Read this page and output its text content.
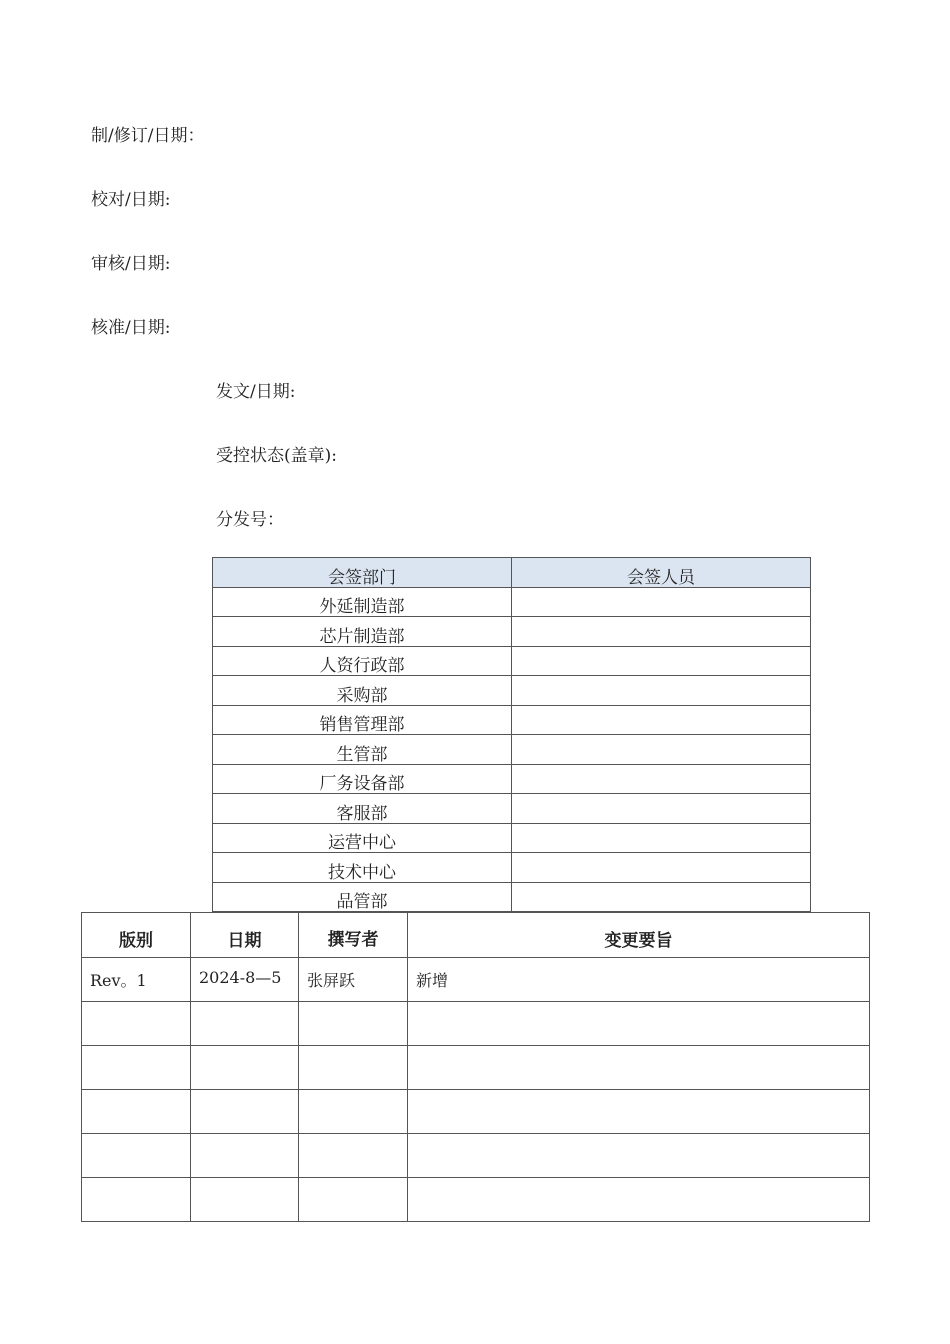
制/修订/日期：
校对/日期:
审核/日期:
核准/日期:
发文/日期:
受控状态(盖章):
分发号：
会签部门	会签人员
外延制造部	
芯片制造部	
人资行政部	
采购部	
销售管理部	
生管部	
厂务设备部	
客服部	
运营中心	
技术中心	
品管部	
版别	日期	撰写者	变更要旨
Rev。1	2024-8—5	张屏跃	新增
